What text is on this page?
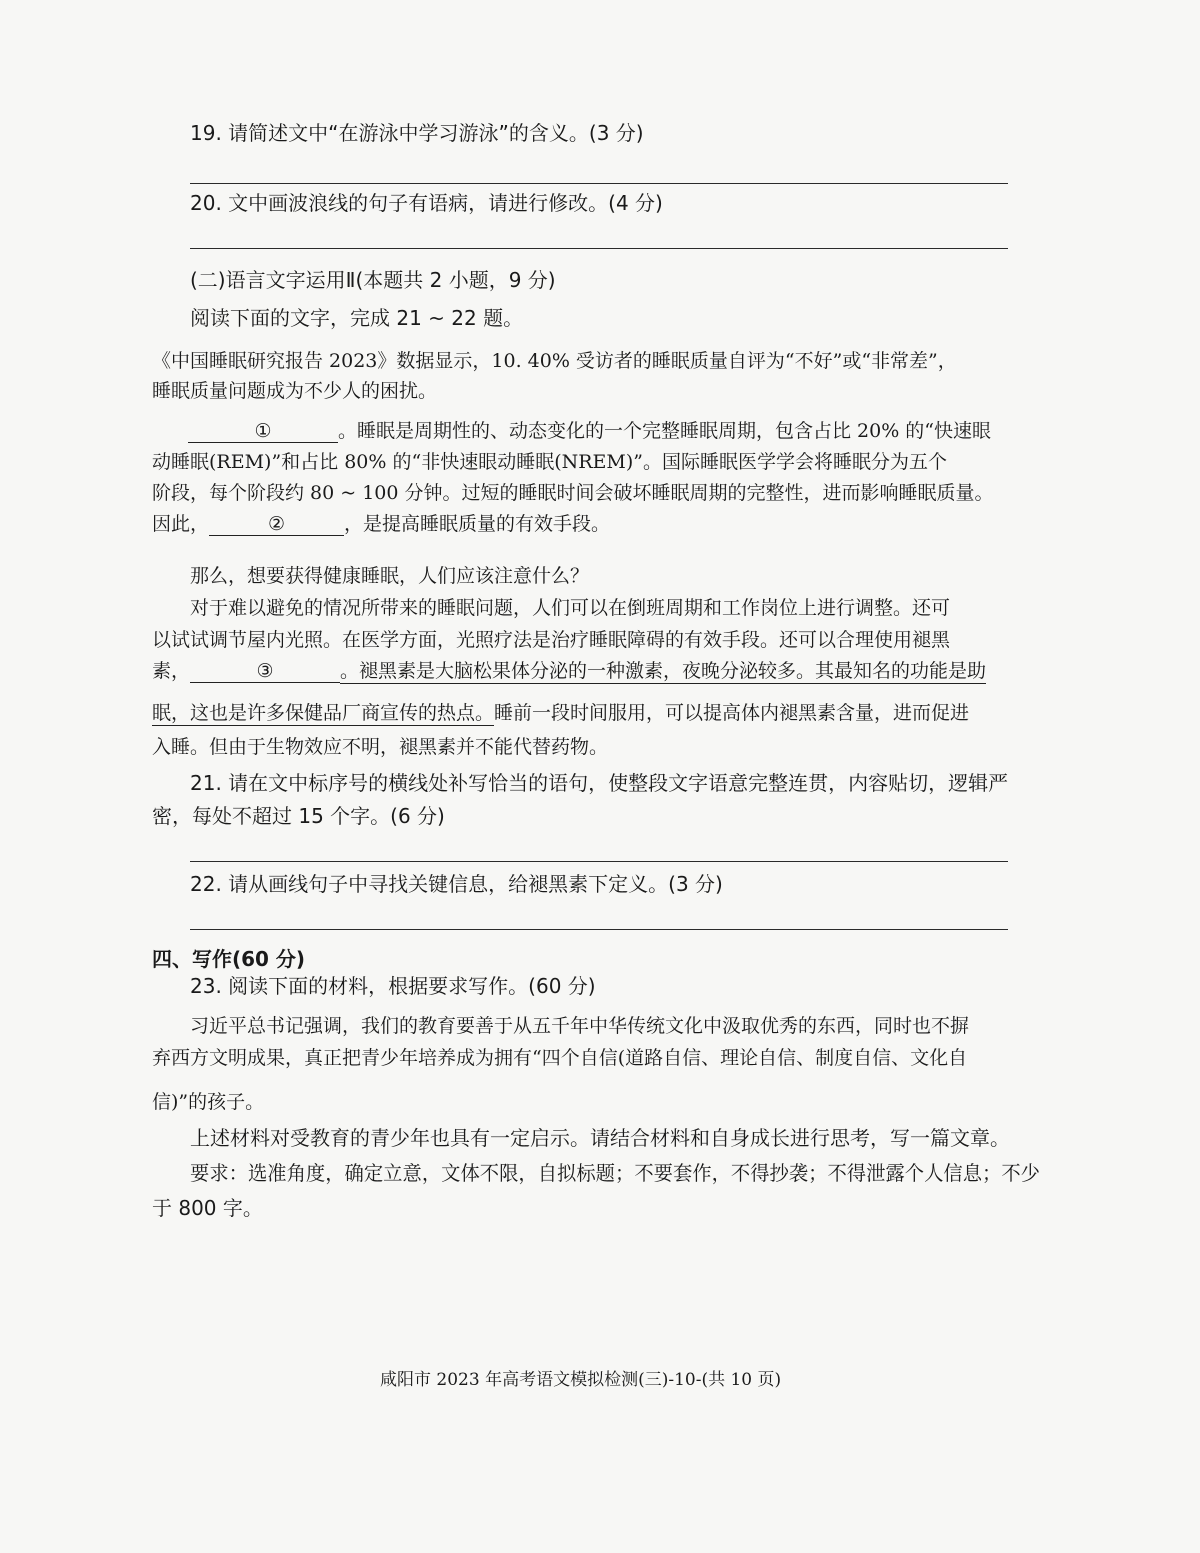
19. 请简述文中“在游泳中学习游泳”的含义。(3 分)
20. 文中画波浪线的句子有语病，请进行修改。(4 分)
(二)语言文字运用Ⅱ(本题共 2 小题，9 分)
阅读下面的文字，完成 21 ~ 22 题。
《中国睡眠研究报告 2023》数据显示，10. 40% 受访者的睡眠质量自评为“不好”或“非常差”，
睡眠质量问题成为不少人的困扰。
①	。睡眠是周期性的、动态变化的一个完整睡眠周期，包含占比 20% 的“快速眼
动睡眠(REM)”和占比 80% 的“非快速眼动睡眠(NREM)”。国际睡眠医学学会将睡眠分为五个
阶段，每个阶段约 80 ~ 100 分钟。过短的睡眠时间会破坏睡眠周期的完整性，进而影响睡眠质量。
因此，	②	，是提高睡眠质量的有效手段。
那么，想要获得健康睡眠，人们应该注意什么？
对于难以避免的情况所带来的睡眠问题，人们可以在倒班周期和工作岗位上进行调整。还可
以试试调节屋内光照。在医学方面，光照疗法是治疗睡眠障碍的有效手段。还可以合理使用褪黑
素，	③	。褪黑素是大脑松果体分泌的一种激素，夜晚分泌较多。其最知名的功能是助
眠，这也是许多保健品厂商宣传的热点。睡前一段时间服用，可以提高体内褪黑素含量，进而促进
入睡。但由于生物效应不明，褪黑素并不能代替药物。
21. 请在文中标序号的横线处补写恰当的语句，使整段文字语意完整连贯，内容贴切，逻辑严
密，每处不超过 15 个字。(6 分)
22. 请从画线句子中寻找关键信息，给褪黑素下定义。(3 分)
四、写作(60 分)
23. 阅读下面的材料，根据要求写作。(60 分)
习近平总书记强调，我们的教育要善于从五千年中华传统文化中汲取优秀的东西，同时也不摒
弃西方文明成果，真正把青少年培养成为拥有“四个自信(道路自信、理论自信、制度自信、文化自
信)”的孩子。
上述材料对受教育的青少年也具有一定启示。请结合材料和自身成长进行思考，写一篇文章。
要求：选准角度，确定立意，文体不限，自拟标题；不要套作，不得抄袭；不得泄露个人信息；不少
于 800 字。
咸阳市 2023 年高考语文模拟检测(三)-10-(共 10 页)
